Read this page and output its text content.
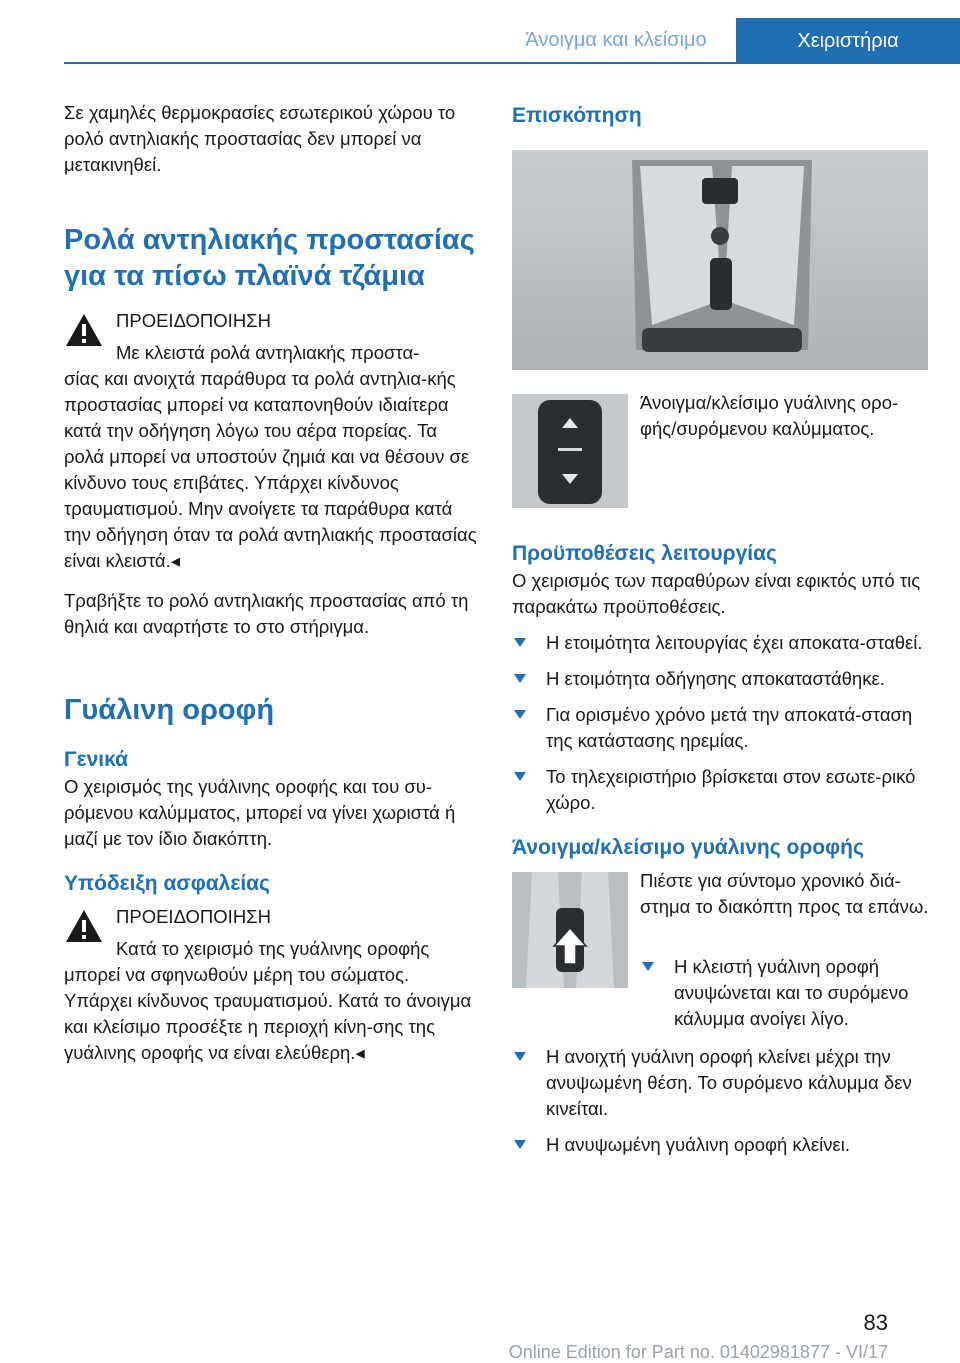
Άνοιγμα και κλείσιμο	Χειριστήρια

Σε χαμηλές θερμοκρασίες εσωτερικού χώρου το ρολό αντηλιακής προστασίας δεν μπορεί να μετακινηθεί.

Ρολά αντηλιακής προστασίας για τα πίσω πλαϊνά τζάμια
ΠΡΟΕΙΔΟΠΟΙΗΣΗ

Με κλειστά ρολά αντηλιακής προστα-

σίας και ανοιχτά παράθυρα τα ρολά αντηλια-κής προστασίας μπορεί να καταπονηθούν ιδιαίτερα κατά την οδήγηση λόγω του αέρα πορείας. Τα ρολά μπορεί να υποστούν ζημιά και να θέσουν σε κίνδυνο τους επιβάτες. Υπάρχει κίνδυνος τραυματισμού. Μην ανοίγετε τα παράθυρα κατά την οδήγηση όταν τα ρολά αντηλιακής προστασίας είναι κλειστά.◂

Τραβήξτε το ρολό αντηλιακής προστασίας από τη θηλιά και αναρτήστε το στο στήριγμα.

Γυάλινη οροφή
Γενικά

Ο χειρισμός της γυάλινης οροφής και του συ-ρόμενου καλύμματος, μπορεί να γίνει χωριστά ή μαζί με τον ίδιο διακόπτη.

Υπόδειξη ασφαλείας
ΠΡΟΕΙΔΟΠΟΙΗΣΗ

Κατά το χειρισμό της γυάλινης οροφής

μπορεί να σφηνωθούν μέρη του σώματος. Υπάρχει κίνδυνος τραυματισμού. Κατά το άνοιγμα και κλείσιμο προσέξτε η περιοχή κίνη-σης της γυάλινης οροφής να είναι ελεύθερη.◂

Επισκόπηση

Άνοιγμα/κλείσιμο γυάλινης ορο-φής/συρόμενου καλύμματος.

Προϋποθέσεις λειτουργίας

Ο χειρισμός των παραθύρων είναι εφικτός υπό τις παρακάτω προϋποθέσεις.

Η ετοιμότητα λειτουργίας έχει αποκατα-σταθεί.

Η ετοιμότητα οδήγησης αποκαταστάθηκε.

Για ορισμένο χρόνο μετά την αποκατά-σταση της κατάστασης ηρεμίας.

Το τηλεχειριστήριο βρίσκεται στον εσωτε-ρικό χώρο.

Άνοιγμα/κλείσιμο γυάλινης οροφής

Πιέστε για σύντομο χρονικό διά-στημα το διακόπτη προς τα επάνω.

Η κλειστή γυάλινη οροφή ανυψώνεται και το συρόμενο κάλυμμα ανοίγει λίγο.

Η ανοιχτή γυάλινη οροφή κλείνει μέχρι την ανυψωμένη θέση. Το συρόμενο κάλυμμα δεν κινείται.

Η ανυψωμένη γυάλινη οροφή κλείνει.

83
Online Edition for Part no. 01402981877 - VI/17
